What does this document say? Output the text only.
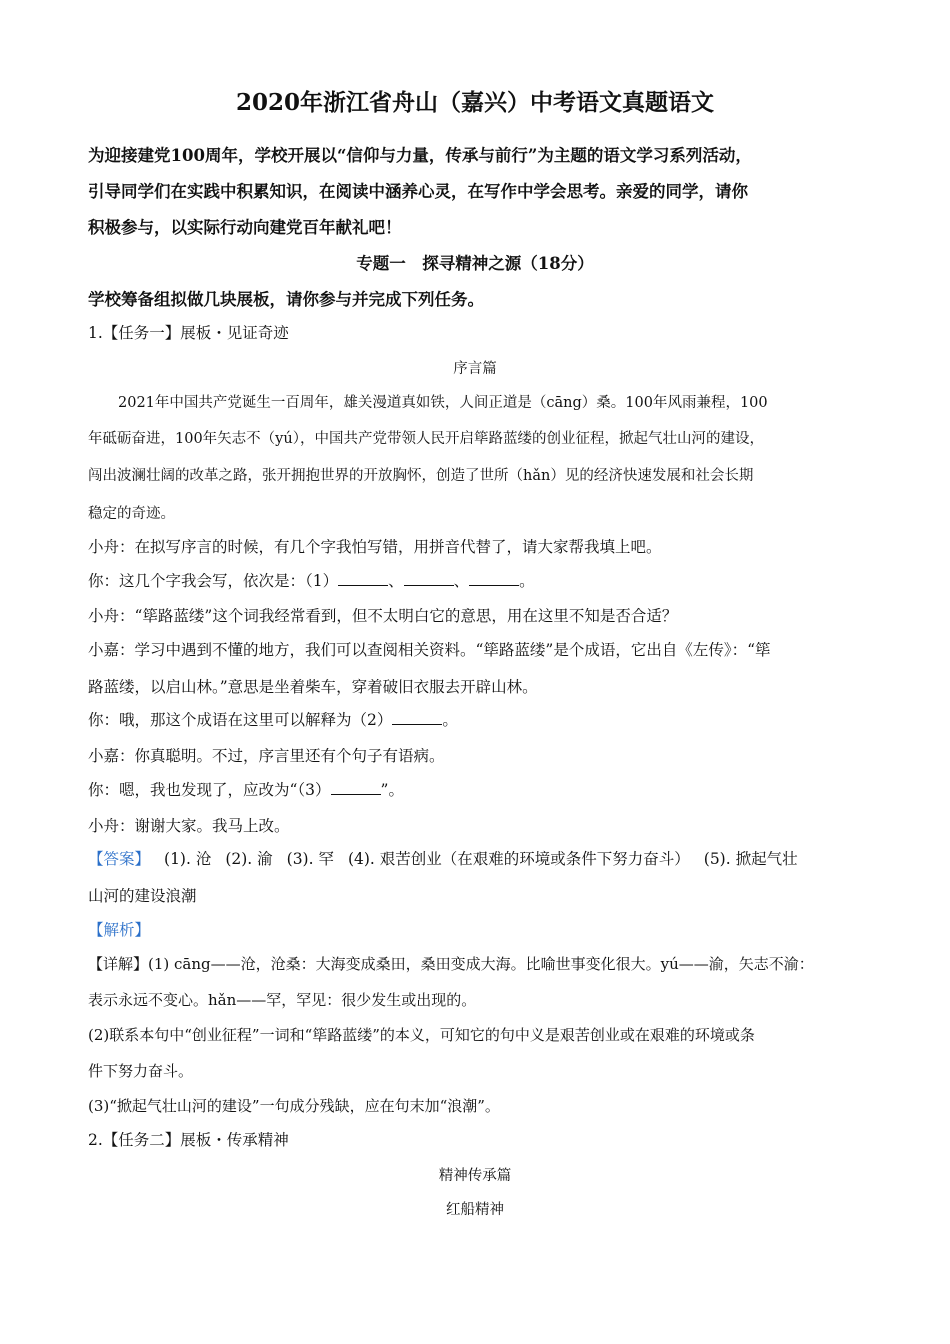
2020年浙江省舟山（嘉兴）中考语文真题语文
为迎接建党100周年，学校开展以“信仰与力量，传承与前行”为主题的语文学习系列活动，
引导同学们在实践中积累知识，在阅读中涵养心灵，在写作中学会思考。亲爱的同学，请你
积极参与，以实际行动向建党百年献礼吧！
专题一　探寻精神之源（18分）
学校筹备组拟做几块展板，请你参与并完成下列任务。
1.【任务一】展板・见证奇迹
序言篇
2021年中国共产党诞生一百周年，雄关漫道真如铁，人间正道是（cāng）桑。100年风雨兼程，100
年砥砺奋进，100年矢志不（yú），中国共产党带领人民开启筚路蓝缕的创业征程，掀起气壮山河的建设，
闯出波澜壮阔的改革之路，张开拥抱世界的开放胸怀，创造了世所（hǎn）见的经济快速发展和社会长期
稳定的奇迹。
小舟：在拟写序言的时候，有几个字我怕写错，用拼音代替了，请大家帮我填上吧。
你：这几个字我会写，依次是：（1）	、	、	。
小舟：“筚路蓝缕”这个词我经常看到，但不太明白它的意思，用在这里不知是否合适？
小嘉：学习中遇到不懂的地方，我们可以查阅相关资料。“筚路蓝缕”是个成语，它出自《左传》：“筚
路蓝缕，以启山林。”意思是坐着柴车，穿着破旧衣服去开辟山林。
你：哦，那这个成语在这里可以解释为（2）	。
小嘉：你真聪明。不过，序言里还有个句子有语病。
你：嗯，我也发现了，应改为“（3）	”。
小舟：谢谢大家。我马上改。
【答案】 (1). 沧 (2). 渝 (3). 罕 (4). 艰苦创业（在艰难的环境或条件下努力奋斗） (5). 掀起气壮
山河的建设浪潮
【解析】
【详解】(1) cāng——沧，沧桑：大海变成桑田，桑田变成大海。比喻世事变化很大。yú——渝，矢志不渝：
表示永远不变心。hǎn——罕，罕见：很少发生或出现的。
(2)联系本句中“创业征程”一词和“筚路蓝缕”的本义，可知它的句中义是艰苦创业或在艰难的环境或条
件下努力奋斗。
(3)“掀起气壮山河的建设”一句成分残缺，应在句末加“浪潮”。
2.【任务二】展板・传承精神
精神传承篇
红船精神
